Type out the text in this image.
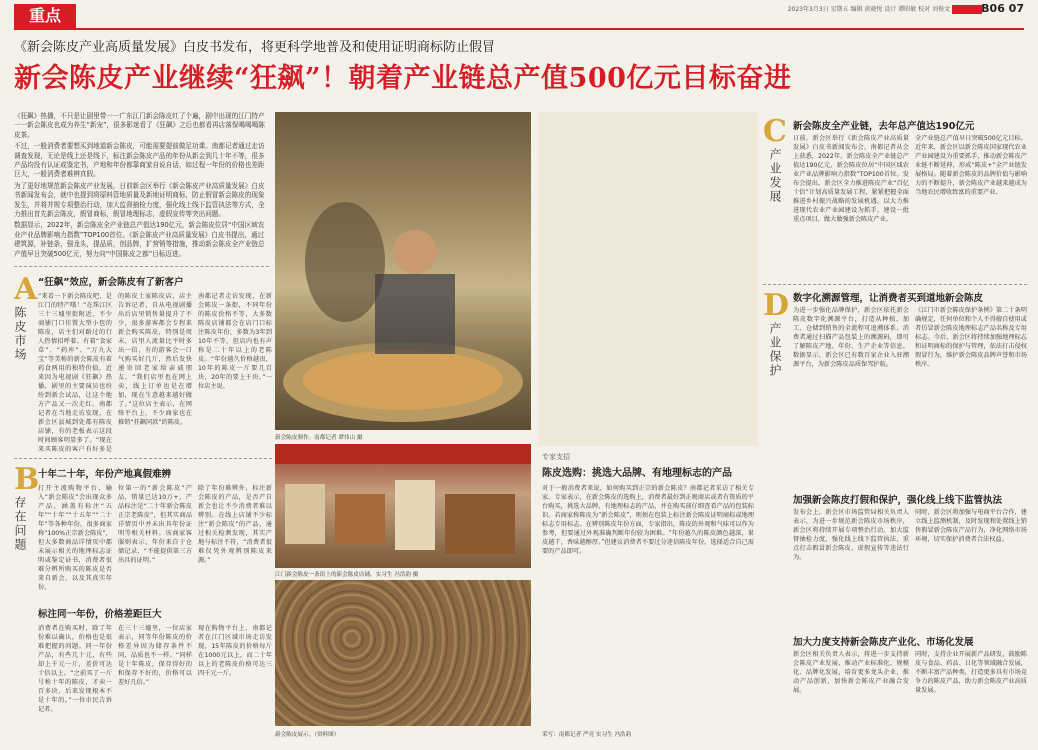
重点	2023年3月3日 星期五 编辑 黄晓悦 设计 谭昭敏 校对 刘俊文	B06 07
《新会陈皮产业高质量发展》白皮书发布，将更科学地普及和使用证明商标防止假冒
新会陈皮产业继续“狂飙”！朝着产业链总产值500亿元目标奋进

《狂飙》热播，不只是让剧里带一一广东江门新会陈皮红了个遍，剧中出现的江门特产一一新会陈皮也成为养生“新宠”，很多影迷看了《狂飙》之后也都看再店落保喝喝喝陈皮茶。

不过，一般消费者要想买到地道新会陈皮，可能需要提前做足功课。南都记者通过走访调查发现，无论是线上还是线下，标注新会陈皮产品的年份从新会到几十年不等，很多产品均没有认证或鉴定书，产地和年份都靠商家自说自话，如过程一年份的价格也差距巨大，一般消费者难辨真假。

为了更好地规范新会陈皮产业发展，日前新会区举行《新会陈皮产业高质量发展》白皮书新闻发布会，就中也提到将原料管地质量及新地证明商标，防止假冒新会陈皮的现象发生，并将并规专项整治行动，加大监督抽检力度，强化线上线下监管执法等方式，全力推出首先新会陈皮，假冒商标，假冒地理标志，虚假宣传等突出问题。

数据显示，2022年，新会陈皮全产业链总产值达190亿元，新会陈皮位居“中国区域农业产业品牌影响力指数”TOP100首位。《新会陈皮产业高质量发展》白皮书提出，通过建筑源，补链条，强龙头，提品质，创品牌，扩营销等措施，推动新会陈皮全产业链总产值早日突破500亿元，努力向“中国陈皮之都”目标迈进。

A
陈皮市场
“狂飙”效应，新会陈皮有了新客户
“来看一下新会陈皮吧，是江门的特产哦！”在珠江区三十三墟里街附近，不少商铺门口佳置大型小包的陈皮，店主们对路过的行人热情招呼着。有着“食家草”、“药库”、“万九大宝”等美称的新会陈皮有着药食两用的独特价值，近来因为电视剧《狂飙》热播，剧里的主要演员也纷纷到新会试品，让这个地方产品又一次走红。南都记者在当地走访发现，在新会区县城到处都有陈皮店铺，有的老板表示这段时间顾客明显多了。“现在来买陈皮的客户有好多是
的陈皮土家陈皮店，店主告诉记者，自从电视剧播出后店里销售量提升了不少，很多游客都会专程来新会购买陈皮，特别是周末，店里人流量比平时多出一倍，有的游客会一口气购买好几斤，然后发快递寄回老家给亲戚朋友。“我们店里也在网上卖，线上订单也是在增加，现在生意越来越好做了。”这位店主表示，在网络平台上，不少商家也在推销“狂飙同款”的陈皮。
南都记者走访发现，在新会陈皮一条街，不同年份的陈皮价格不等，大多数陈皮店铺都会在店门口标注陈皮年份，多数为3年到10年不等，但店内也有声称是二十年以上的老陈皮。“年份越久价格越贵，10年的陈皮一斤要几百块，20年的要上千块。”一位店主说。
B
存在问题
十年二十年，年份产地真假难辨
打开主流购物平台，输入“新会陈皮”会出现众多产品，涵盖有标注“五年”“十年”“十五年”“二十年”等各种年份，很多商家称“100%正宗新会陈皮”，但大多数商品详情页中都未展示相关的地理标志证明或鉴定证书，消费者很难分辨所购买的陈皮是否来自新会，以及其真实年份。
位第一的“新会陈皮”产品，销量已达10万+，产品标注是“二十年新会陈皮正宗老陈皮”，但其实商品详情页中并未出具年份证明等相关材料。该商家客服则表示，年份来自于仓储记录，“不能提供第三方出具的证明。”
除了年份难辨外，标注新会陈皮的产品，是否产自新会也让不少消费者难以辨别。在线上店铺不少标注“新会陈皮”的产品，通过相关检测发现，其实产地与标注不符，“消费者很难仅凭外观辨别陈皮来源。”
标注同一年份，价格差距巨大
消费者在购买时，除了年份难以确认，价格也是很难把握的问题。同一年份产品，有些几十元，有些却上千元一斤，差价可达十倍以上。“之前买了一斤号称十年的陈皮，才卖一百多块，后来发现根本不是十年的。”一位市民告诉记者。
在三十三墟里，一位店家表示，同等年份陈皮的价格差异因为储存条件不同，品质也不一样。“同样是十年陈皮，保存得好的和保存不好的，价格可以差好几倍。”
现在购物平台上，南都记者在江门区域市场走访发现，15年陈皮的价格每斤在1000元以上，而二十年以上的老陈皮价格可达三四千元一斤。
新会陈皮制作。南都记者 谭伟山 摄
江门新会陈皮一条街上的新会陈皮店铺。实习生 冯浩韵 摄
新会陈皮展示。（资料图）
专家支招
陈皮选购：挑选大品牌、有地理标志的产品
对于一般消费者来说，如何购买到正宗的新会陈皮？南都记者采访了相关专家。专家表示，在新会陈皮的选购上，消费者最好到正规商店或者有资质的平台购买，挑选大品牌、有地理标志的产品，并在购买前仔细查看产品的包装标识。若商家称陈皮为“新会陈皮”，则须在包装上标注新会陈皮证明商标或地理标志专用标志。在辨别陈皮年份方面，专家指出，陈皮的外观和气味可以作为参考，但要通过外观准确判断年份较为困难。“年份越久的陈皮颜色越深，果皮越干，香味越醇厚。”但建议消费者不要过分迷信陈皮年份，选择适合自己需要的产品即可。
采写：南都记者 严亮 实习生 冯浩韵
C
产业发展
新会陈皮全产业链，去年总产值达190亿元
日前，新会区举行《新会陈皮产业高质量发展》白皮书新闻发布会，南都记者从会上获悉，2022年，新会陈皮全产业链总产值达190亿元，新会陈皮位居“中国区域农业产业品牌影响力指数”TOP100首位。发布会提出，新会区全力推进陈皮产业“百亿十倍”计划高质量发展工程，紧紧把握全面推进乡村振兴战略的发展机遇，以大力推进现代农业产业园建设为抓手，建设一批重点项目，做大做强新会陈皮产业。
全产业链总产值早日突破500亿元目标。近年来，新会区以新会陈皮国家现代农业产业园建设为重要抓手，推动新会陈皮产业链不断延伸，形成“陈皮+”全产业链发展格局。随着新会陈皮的品牌价值与影响力的不断提升，新会陈皮产业越来越成为当地农民增收致富的重要产业。
D
产业保护
数字化溯源管理，让消费者买到道地新会陈皮
为进一步强化品牌保护，新会区依托新会陈皮数字化溯源平台，打造从种植、加工、仓储到销售的全流程可追溯体系。消费者通过扫描产品包装上的溯源码，即可了解陈皮产地、年份、生产企业等信息。数据显示，新会区已有数百家企业入驻溯源平台，为新会陈皮品质保驾护航。
《江门市新会陈皮保护条例》第二十条明确规定，任何单位和个人不得擅自使用或者仿冒新会陈皮地理标志产品名称及专用标志。今后，新会区将持续加强地理标志和证明商标的保护与管理，依法打击侵权假冒行为，维护新会陈皮品牌声誉和市场秩序。
加强新会陈皮打假和保护，强化线上线下监管执法
发布会上，新会区市场监管局相关负责人表示，为进一步规范新会陈皮市场秩序，新会区将持续开展专项整治行动，加大监督抽检力度，强化线上线下监管执法，重点打击假冒新会陈皮、虚假宣传等违法行为。
同时，新会区将加强与电商平台合作，建立线上监测机制，及时发现和处置线上销售假冒新会陈皮产品行为，净化网络市场环境，切实保护消费者合法权益。
加大力度支持新会陈皮产业化、市场化发展
新会区相关负责人表示，将进一步支持新会陈皮产业发展，推动产业标准化、规模化、品牌化发展，培育更多龙头企业，推动产品创新，加快新会陈皮产业融合发展。
同时，支持企业开展新产品研发，鼓励陈皮与食品、药品、日化等领域融合发展，不断丰富产品种类，打造更多具有市场竞争力的陈皮产品，助力新会陈皮产业高质量发展。
